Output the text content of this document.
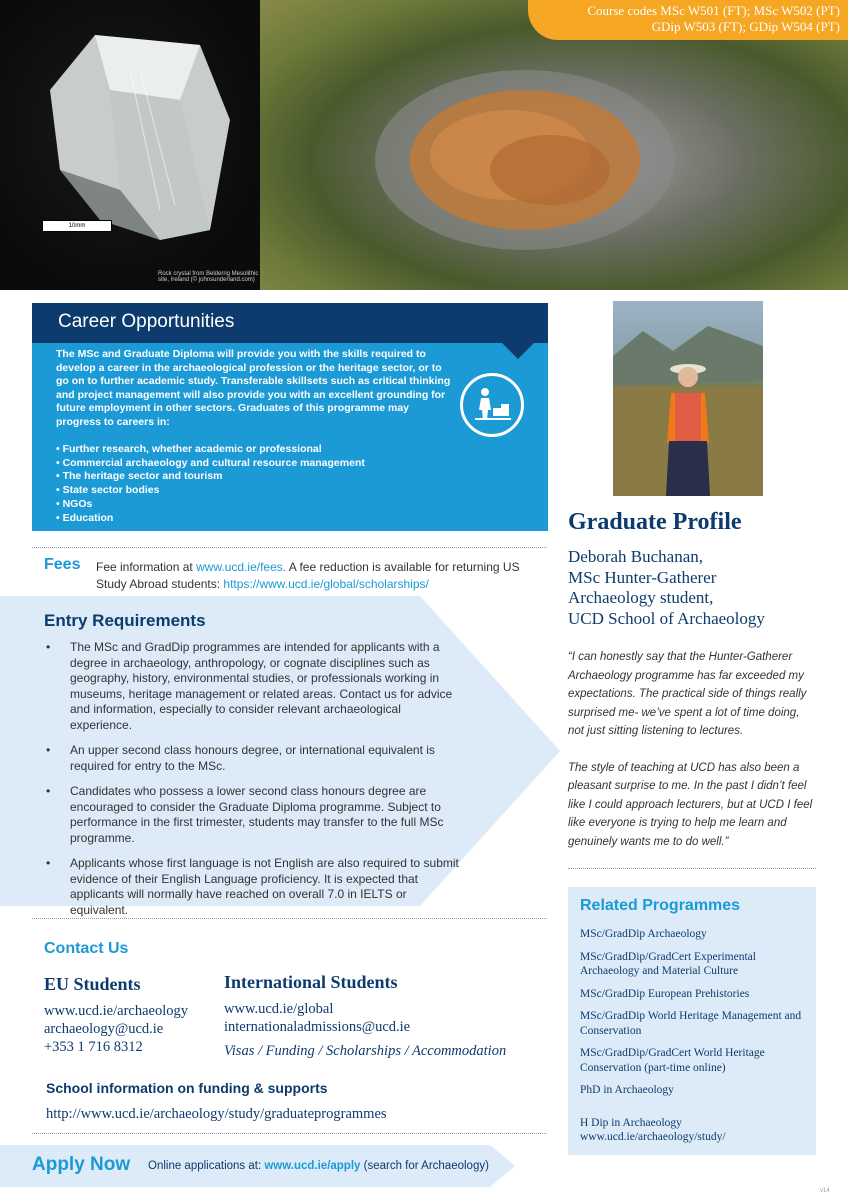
10mm
Rock crystal from Belderrig Mesolithic site, Ireland (© johnsunderland.com)
Course codes MSc W501 (FT); MSc W502 (PT)
GDip W503 (FT); GDip W504 (PT)
Career Opportunities
The MSc and Graduate Diploma will provide you with the skills required to develop a career in the archaeological profession or the heritage sector, or to go on to further academic study. Transferable skillsets such as critical thinking and project management will also provide you with an excellent grounding for future employment in other sectors. Graduates of this programme may progress to careers in:
• Further research, whether academic or professional
• Commercial archaeology and cultural resource management
• The heritage sector and tourism
• State sector bodies
• NGOs
• Education
Fees Fee information at www.ucd.ie/fees. A fee reduction is available for returning US Study Abroad students: https://www.ucd.ie/global/scholarships/
Entry Requirements
• The MSc and GradDip programmes are intended for applicants with a degree in archaeology, anthropology, or cognate disciplines such as geography, history, environmental studies, or professionals working in museums, heritage management or related areas. Contact us for advice and information, especially to consider relevant archaeological experience.
• An upper second class honours degree, or international equivalent is required for entry to the MSc.
• Candidates who possess a lower second class honours degree are encouraged to consider the Graduate Diploma programme. Subject to performance in the first trimester, students may transfer to the full MSc programme.
• Applicants whose first language is not English are also required to submit evidence of their English Language proficiency. It is expected that applicants will normally have reached on overall 7.0 in IELTS or equivalent.
Contact Us
EU Students
www.ucd.ie/archaeology
archaeology@ucd.ie
+353 1 716 8312
International Students
www.ucd.ie/global
internationaladmissions@ucd.ie
Visas / Funding / Scholarships / Accommodation
School information on funding & supports
http://www.ucd.ie/archaeology/study/graduateprogrammes
Apply Now Online applications at: www.ucd.ie/apply (search for Archaeology)
Graduate Profile
Deborah Buchanan,
MSc Hunter-Gatherer
Archaeology student,
UCD School of Archaeology

“I can honestly say that the Hunter-Gatherer Archaeology programme has far exceeded my expectations. The practical side of things really surprised me- we’ve spent a lot of time doing, not just sitting listening to lectures.

The style of teaching at UCD has also been a pleasant surprise to me. In the past I didn’t feel like I could approach lecturers, but at UCD I feel like everyone is trying to help me learn and genuinely wants me to do well.”

Related Programmes
MSc/GradDip Archaeology
MSc/GradDip/GradCert Experimental Archaeology and Material Culture
MSc/GradDip European Prehistories
MSc/GradDip World Heritage Management and Conservation
MSc/GradDip/GradCert World Heritage Conservation (part-time online)
PhD in Archaeology
H Dip in Archaeology
www.ucd.ie/archaeology/study/
v14
